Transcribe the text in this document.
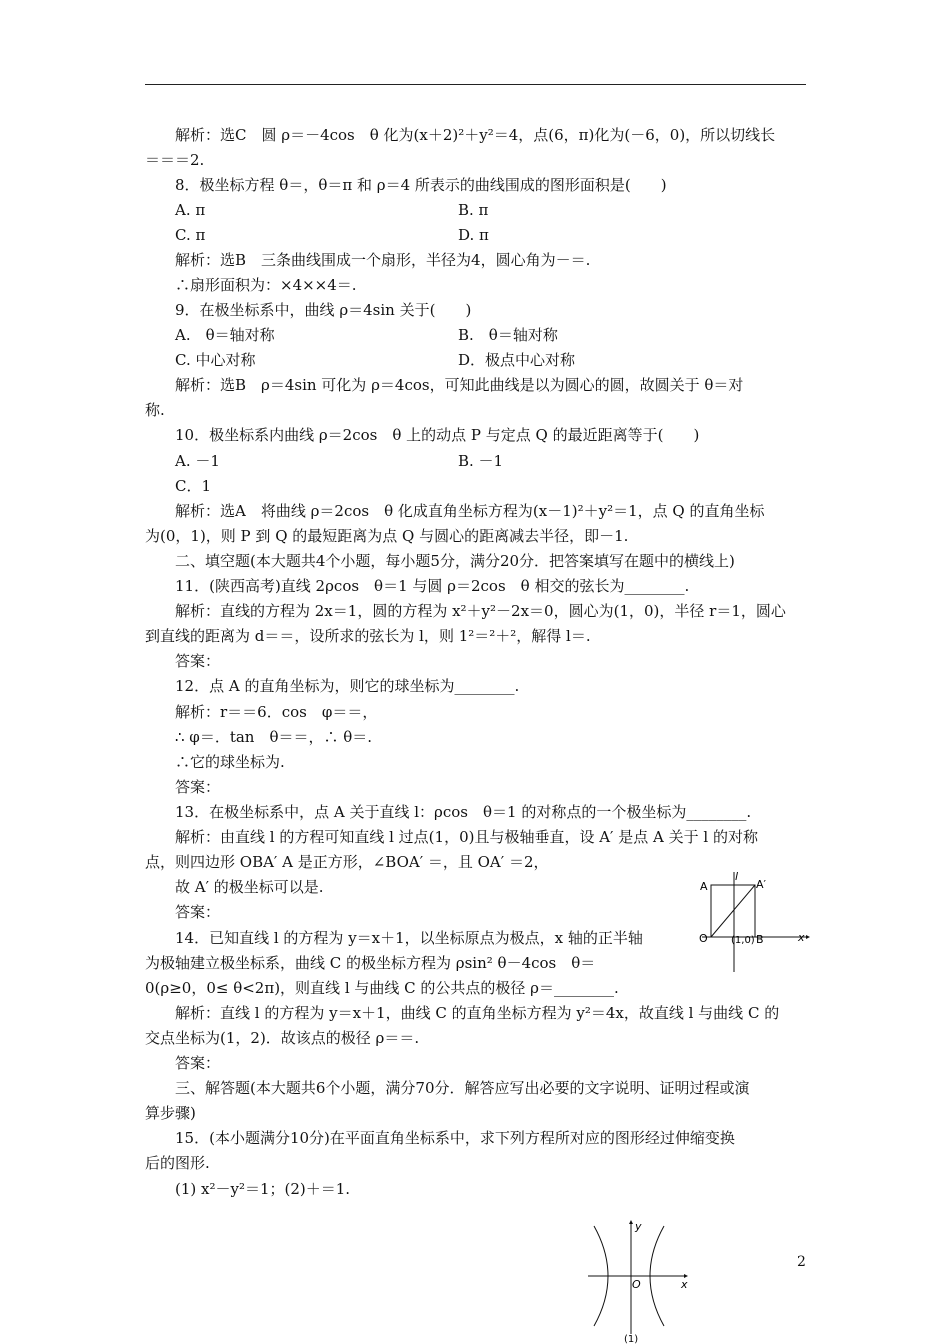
解析：选C　圆 ρ＝－4cos　θ 化为(x＋2)²＋y²＝4，点(6，π)化为(－6，0)，所以切线长
＝＝＝2.
8．极坐标方程 θ＝，θ＝π 和 ρ＝4 所表示的曲线围成的图形面积是(　　)
A. π	B. π
C. π	D. π
解析：选B　三条曲线围成一个扇形，半径为4，圆心角为－＝.
∴扇形面积为：×4××4＝.
9．在极坐标系中，曲线 ρ＝4sin 关于(　　)
A.　θ＝轴对称	B.　θ＝轴对称
C. 中心对称	D．极点中心对称
解析：选B　ρ＝4sin 可化为 ρ＝4cos，可知此曲线是以为圆心的圆，故圆关于 θ＝对
称.
10．极坐标系内曲线 ρ＝2cos　θ 上的动点 P 与定点 Q 的最近距离等于(　　)
A. －1	B. －1
C．1
解析：选A　将曲线 ρ＝2cos　θ 化成直角坐标方程为(x－1)²＋y²＝1，点 Q 的直角坐标
为(0，1)，则 P 到 Q 的最短距离为点 Q 与圆心的距离减去半径，即－1.
二、填空题(本大题共4个小题，每小题5分，满分20分．把答案填写在题中的横线上)
11．(陕西高考)直线 2ρcos　θ＝1 与圆 ρ＝2cos　θ 相交的弦长为________.
解析：直线的方程为 2x＝1，圆的方程为 x²＋y²－2x＝0，圆心为(1，0)，半径 r＝1，圆心
到直线的距离为 d＝＝，设所求的弦长为 l，则 1²＝²＋²，解得 l＝.
答案：
12．点 A 的直角坐标为，则它的球坐标为________.
解析：r＝＝6．cos　φ＝＝，
∴ φ＝．tan　θ＝＝，∴ θ＝.
∴它的球坐标为.
答案：
13．在极坐标系中，点 A 关于直线 l：ρcos　θ＝1 的对称点的一个极坐标为________.
解析：由直线 l 的方程可知直线 l 过点(1，0)且与极轴垂直，设 A′ 是点 A 关于 l 的对称
点，则四边形 OBA′ A 是正方形，∠BOA′ ＝，且 OA′ ＝2，
故 A′ 的极坐标可以是.
答案：
14．已知直线 l 的方程为 y＝x＋1，以坐标原点为极点，x 轴的正半轴
为极轴建立极坐标系，曲线 C 的极坐标方程为 ρsin² θ－4cos　θ＝
0(ρ≥0，0≤ θ<2π)，则直线 l 与曲线 C 的公共点的极径 ρ＝________.
解析：直线 l 的方程为 y＝x＋1，曲线 C 的直角坐标方程为 y²＝4x，故直线 l 与曲线 C 的
交点坐标为(1，2)．故该点的极径 ρ＝＝.
答案：
三、解答题(本大题共6个小题，满分70分．解答应写出必要的文字说明、证明过程或演
算步骤)
15．(本小题满分10分)在平面直角坐标系中，求下列方程所对应的图形经过伸缩变换
后的图形.
(1) x²－y²＝1；(2)＋＝1.
A	A′
l
O	B
(1,0)	x
y
O	x
(1)
2
